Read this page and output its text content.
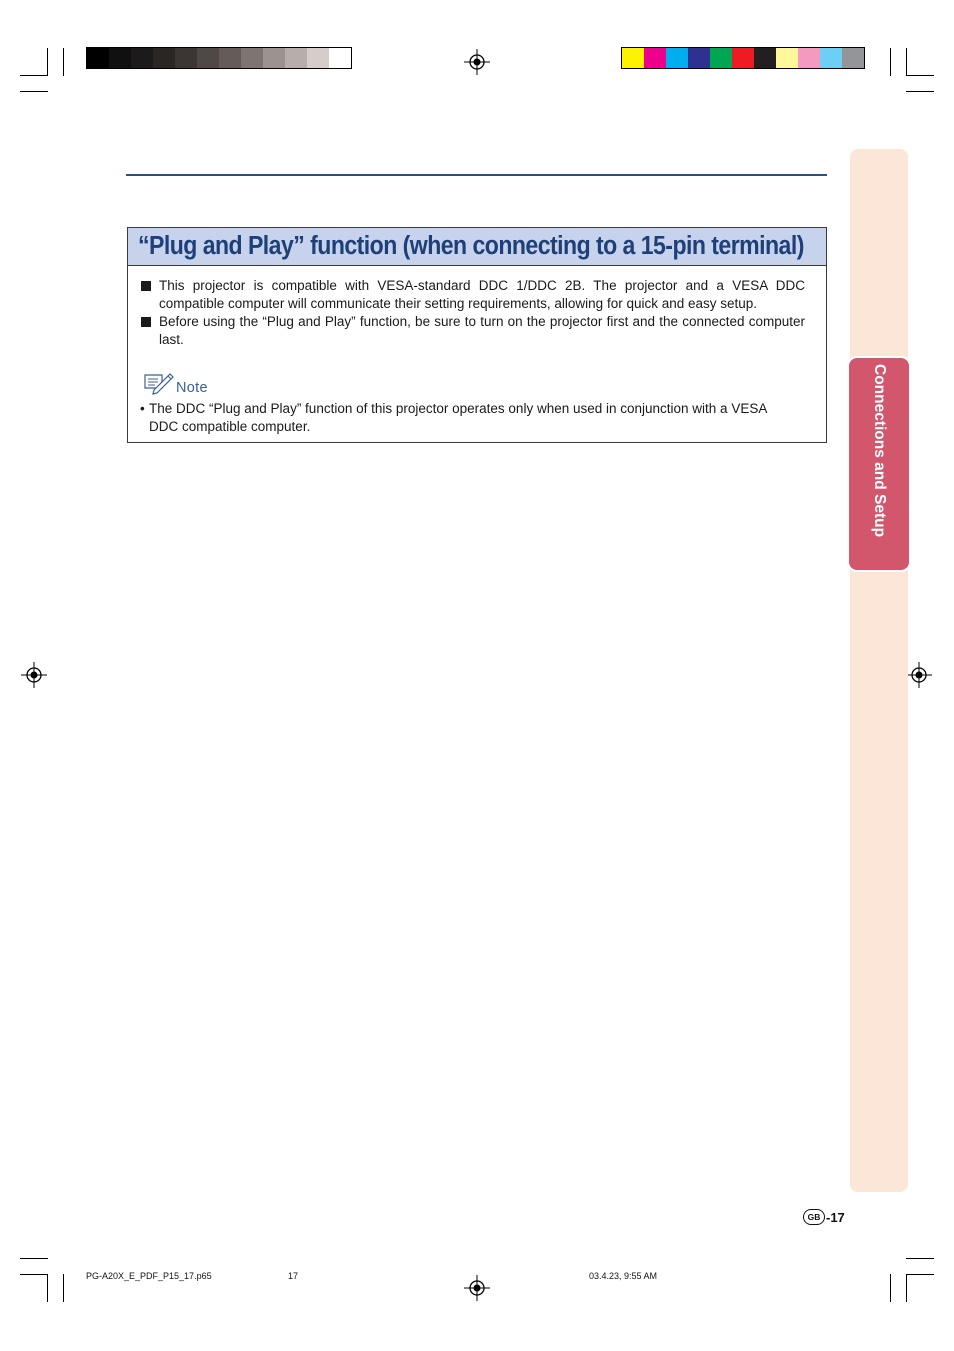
“Plug and Play” function (when connecting to a 15-pin terminal)
This projector is compatible with VESA-standard DDC 1/DDC 2B. The projector and a VESA DDC compatible computer will communicate their setting requirements, allowing for quick and easy setup.
Before using the “Plug and Play” function, be sure to turn on the projector first and the connected computer last.
Note
• The DDC “Plug and Play” function of this projector operates only when used in conjunction with a VESA
DDC compatible computer.	Connections and Setup
GB -17
PG-A20X_E_PDF_P15_17.p65	17	03.4.23, 9:55 AM
